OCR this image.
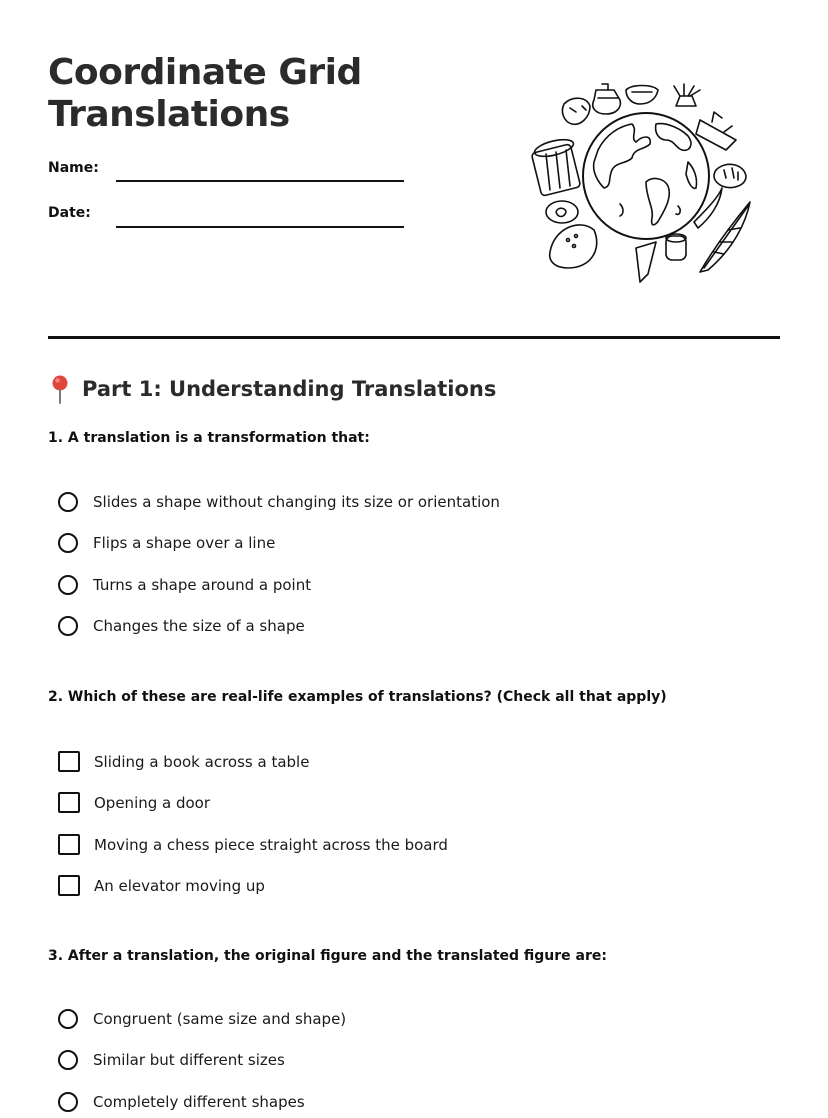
Coordinate Grid
Translations
Name:
Date:
Part 1: Understanding Translations
1. A translation is a transformation that:
Slides a shape without changing its size or orientation
Flips a shape over a line
Turns a shape around a point
Changes the size of a shape
2. Which of these are real-life examples of translations? (Check all that apply)
Sliding a book across a table
Opening a door
Moving a chess piece straight across the board
An elevator moving up
3. After a translation, the original figure and the translated figure are:
Congruent (same size and shape)
Similar but different sizes
Completely different shapes
